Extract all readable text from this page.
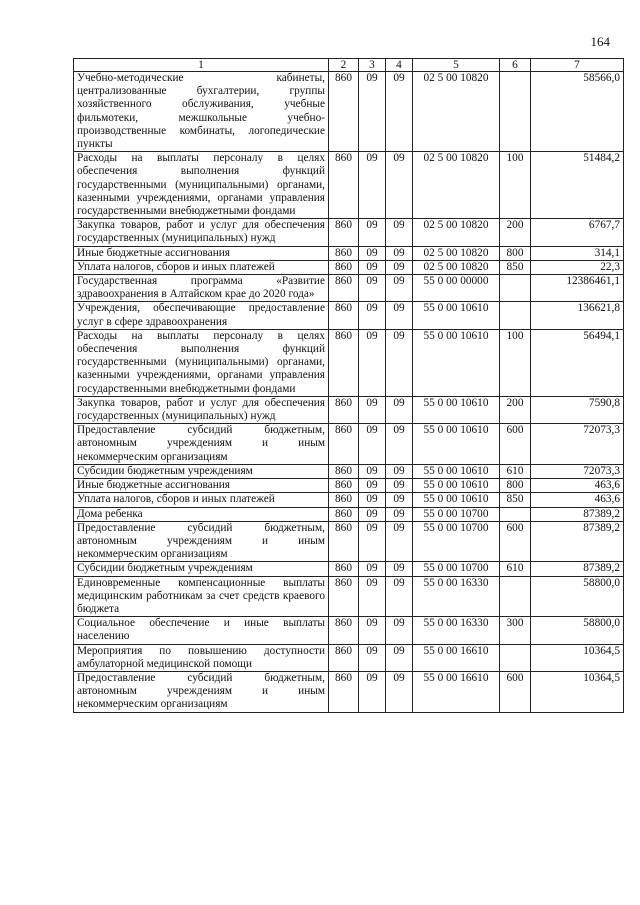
164
1	2	3	4	5	6	7
Учебно-методические кабинеты, централизованные бухгалтерии, группы хозяйственного обслуживания, учебные фильмотеки, межшкольные учебно-производственные комбинаты, логопедические пункты	860	09	09	02 5 00 10820		58566,0
Расходы на выплаты персоналу в целях обеспечения выполнения функций государственными (муниципальными) органами, казенными учреждениями, органами управления государственными внебюджетными фондами	860	09	09	02 5 00 10820	100	51484,2
Закупка товаров, работ и услуг для обеспечения государственных (муниципальных) нужд	860	09	09	02 5 00 10820	200	6767,7
Иные бюджетные ассигнования	860	09	09	02 5 00 10820	800	314,1
Уплата налогов, сборов и иных платежей	860	09	09	02 5 00 10820	850	22,3
Государственная программа «Развитие здравоохранения в Алтайском крае до 2020 года»	860	09	09	55 0 00 00000		12386461,1
Учреждения, обеспечивающие предоставление услуг в сфере здравоохранения	860	09	09	55 0 00 10610		136621,8
Расходы на выплаты персоналу в целях обеспечения выполнения функций государственными (муниципальными) органами, казенными учреждениями, органами управления государственными внебюджетными фондами	860	09	09	55 0 00 10610	100	56494,1
Закупка товаров, работ и услуг для обеспечения государственных (муниципальных) нужд	860	09	09	55 0 00 10610	200	7590,8
Предоставление субсидий бюджетным, автономным учреждениям и иным некоммерческим организациям	860	09	09	55 0 00 10610	600	72073,3
Субсидии бюджетным учреждениям	860	09	09	55 0 00 10610	610	72073,3
Иные бюджетные ассигнования	860	09	09	55 0 00 10610	800	463,6
Уплата налогов, сборов и иных платежей	860	09	09	55 0 00 10610	850	463,6
Дома ребенка	860	09	09	55 0 00 10700		87389,2
Предоставление субсидий бюджетным, автономным учреждениям и иным некоммерческим организациям	860	09	09	55 0 00 10700	600	87389,2
Субсидии бюджетным учреждениям	860	09	09	55 0 00 10700	610	87389,2
Единовременные компенсационные выплаты медицинским работникам за счет средств краевого бюджета	860	09	09	55 0 00 16330		58800,0
Социальное обеспечение и иные выплаты населению	860	09	09	55 0 00 16330	300	58800,0
Мероприятия по повышению доступности амбулаторной медицинской помощи	860	09	09	55 0 00 16610		10364,5
Предоставление субсидий бюджетным, автономным учреждениям и иным некоммерческим организациям	860	09	09	55 0 00 16610	600	10364,5
